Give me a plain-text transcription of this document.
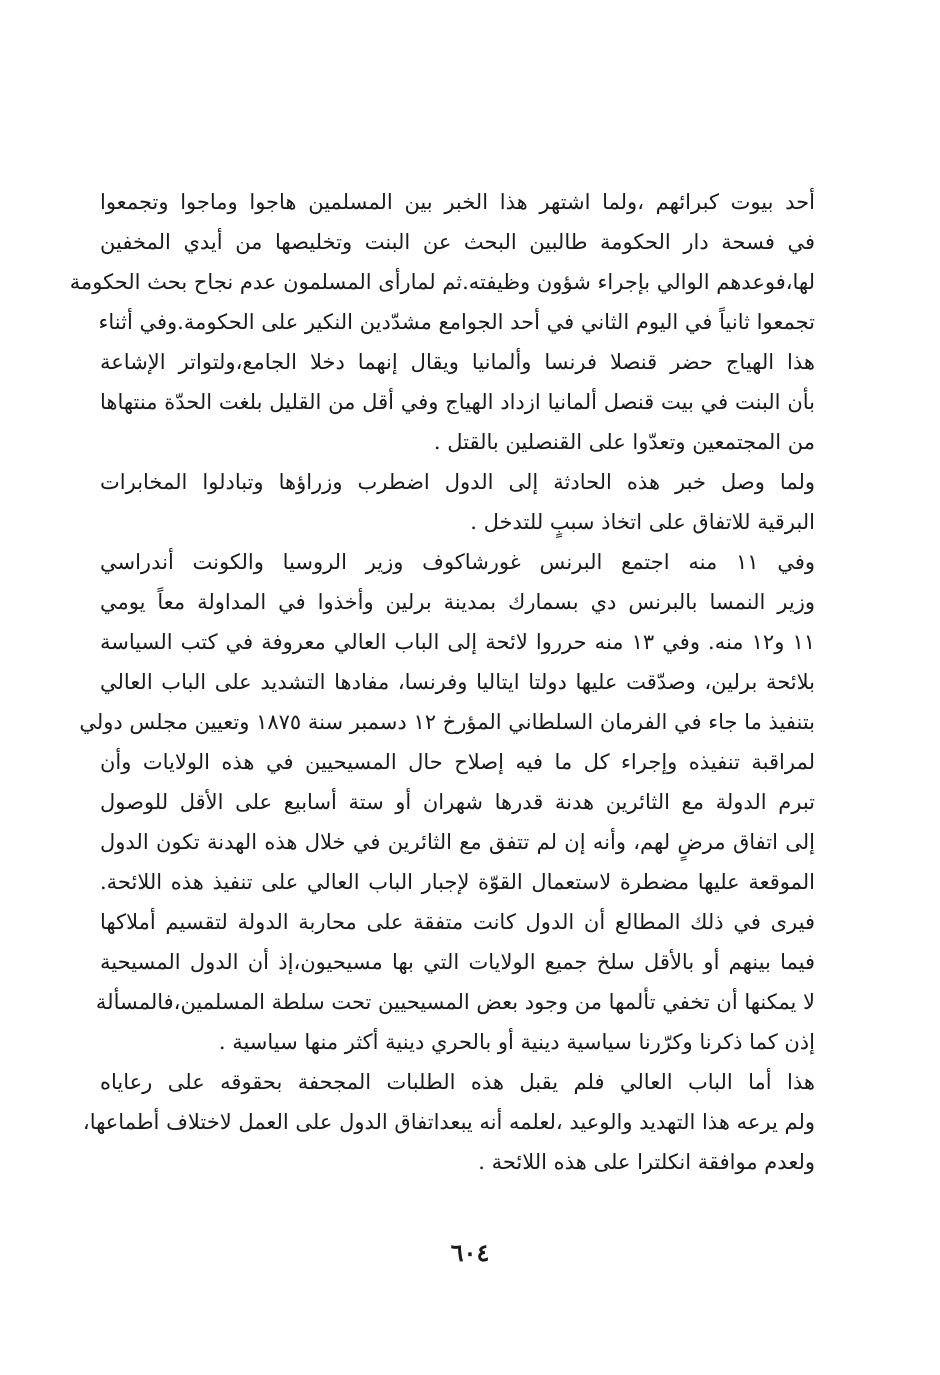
أحد بيوت كبرائهم ،ولما اشتهر هذا الخبر بين المسلمين هاجوا وماجوا وتجمعوا
في فسحة دار الحكومة طالبين البحث عن البنت وتخليصها من أيدي المخفين
لها،فوعدهم الوالي بإجراء شؤون وظيفته.ثم لمارأى المسلمون عدم نجاح بحث الحكومة
تجمعوا ثانياً في اليوم الثاني في أحد الجوامع مشدّدين النكير على الحكومة.وفي أثناء
هذا الهياج حضر قنصلا فرنسا وألمانيا ويقال إنهما دخلا الجامع،ولتواتر الإشاعة
بأن البنت في بيت قنصل ألمانيا ازداد الهياج وفي أقل من القليل بلغت الحدّة منتهاها
من المجتمعين وتعدّوا على القنصلين بالقتل .
ولما وصل خبر هذه الحادثة إلى الدول اضطرب وزراؤها وتبادلوا المخابرات
البرقية للاتفاق على اتخاذ سببٍ للتدخل .
وفي ١١ منه اجتمع البرنس غورشاكوف وزير الروسيا والكونت أندراسي
وزير النمسا بالبرنس دي بسمارك بمدينة برلين وأخذوا في المداولة معاً يومي
١١ و١٢ منه. وفي ١٣ منه حرروا لائحة إلى الباب العالي معروفة في كتب السياسة
بلائحة برلين، وصدّقت عليها دولتا ايتاليا وفرنسا، مفادها التشديد على الباب العالي
بتنفيذ ما جاء في الفرمان السلطاني المؤرخ ١٢ دسمبر سنة ١٨٧٥ وتعيين مجلس دولي
لمراقبة تنفيذه وإجراء كل ما فيه إصلاح حال المسيحيين في هذه الولايات وأن
تبرم الدولة مع الثائرين هدنة قدرها شهران أو ستة أسابيع على الأقل للوصول
إلى اتفاق مرضٍ لهم، وأنه إن لم تتفق مع الثائرين في خلال هذه الهدنة تكون الدول
الموقعة عليها مضطرة لاستعمال القوّة لإجبار الباب العالي على تنفيذ هذه اللائحة.
فيرى في ذلك المطالع أن الدول كانت متفقة على محاربة الدولة لتقسيم أملاكها
فيما بينهم أو بالأقل سلخ جميع الولايات التي بها مسيحيون،إذ أن الدول المسيحية
لا يمكنها أن تخفي تألمها من وجود بعض المسيحيين تحت سلطة المسلمين،فالمسألة
إذن كما ذكرنا وكرّرنا سياسية دينية أو بالحري دينية أكثر منها سياسية .
هذا أما الباب العالي فلم يقبل هذه الطلبات المجحفة بحقوقه على رعاياه
ولم يرعه هذا التهديد والوعيد ،لعلمه أنه يبعداتفاق الدول على العمل لاختلاف أطماعها،
ولعدم موافقة انكلترا على هذه اللائحة .
٦٠٤
